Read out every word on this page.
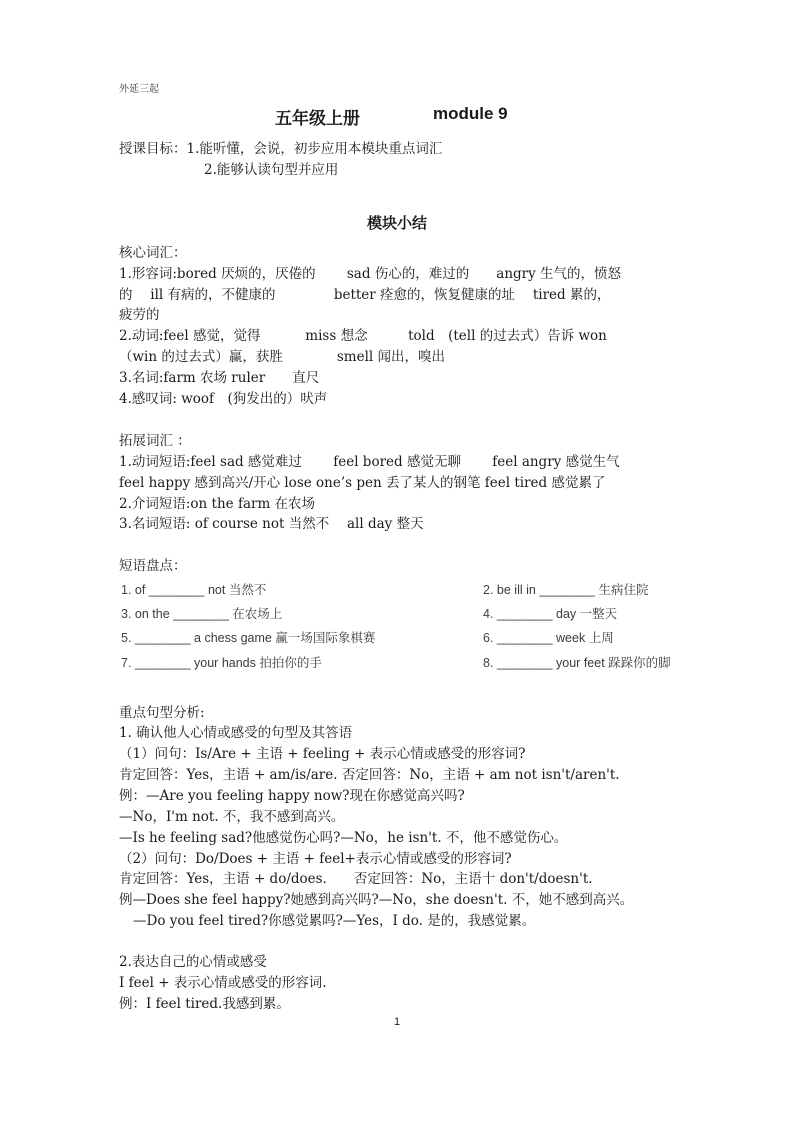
外延三起
五年级上册	module 9
授课目标：1.能听懂，会说，初步应用本模块重点词汇
2.能够认读句型并应用
模块小结
核心词汇：
1.形容词:bored 厌烦的，厌倦的　　 sad 伤心的，难过的　　angry 生气的，愤怒
的　 ill 有病的，不健康的　　　　 better 痊愈的，恢复健康的址　 tired 累的，
疲劳的
2.动词:feel 感觉，觉得　　　 miss 想念　　　told　(tell 的过去式）告诉 won
（win 的过去式）赢，获胜　　　　smell 闻出，嗅出
3.名词:farm 农场 ruler　　直尺
4.感叹词: woof　(狗发出的）吠声
拓展词汇 ：
1.动词短语:feel sad 感觉难过　　 feel bored 感觉无聊　　 feel angry 感觉生气
feel happy 感到高兴/开心 lose one’s pen 丢了某人的钢笔 feel tired 感觉累了
2.介词短语:on the farm 在农场
3.名词短语: of course not 当然不　 all day 整天
短语盘点：
1. of ________ not 当然不	2. be ill in ________ 生病住院
3. on the ________ 在农场上	4. ________ day 一整天
5. ________ a chess game 赢一场国际象棋赛	6. ________ week 上周
7. ________ your hands 拍拍你的手	8. ________ your feet 跺跺你的脚
重点句型分析:
1. 确认他人心情或感受的句型及其答语
（1）问句：Is/Are + 主语 + feeling + 表示心情或感受的形容词?
肯定回答：Yes，主语 + am/is/are. 否定回答：No，主语 + am not isn't/aren't.
例：—Are you feeling happy now?现在你感觉高兴吗?
—No，I'm not. 不，我不感到高兴。
—Is he feeling sad?他感觉伤心吗?—No，he isn't. 不，他不感觉伤心。
（2）问句：Do/Does + 主语 + feel+表示心情或感受的形容词?
肯定回答：Yes，主语 + do/does.　　否定回答：No，主语十 don't/doesn't.
例—Does she feel happy?她感到高兴吗?—No，she doesn't. 不，她不感到高兴。
—Do you feel tired?你感觉累吗?—Yes，I do. 是的，我感觉累。
2.表达自己的心情或感受
I feel + 表示心情或感受的形容词.
例：I feel tired.我感到累。
1
